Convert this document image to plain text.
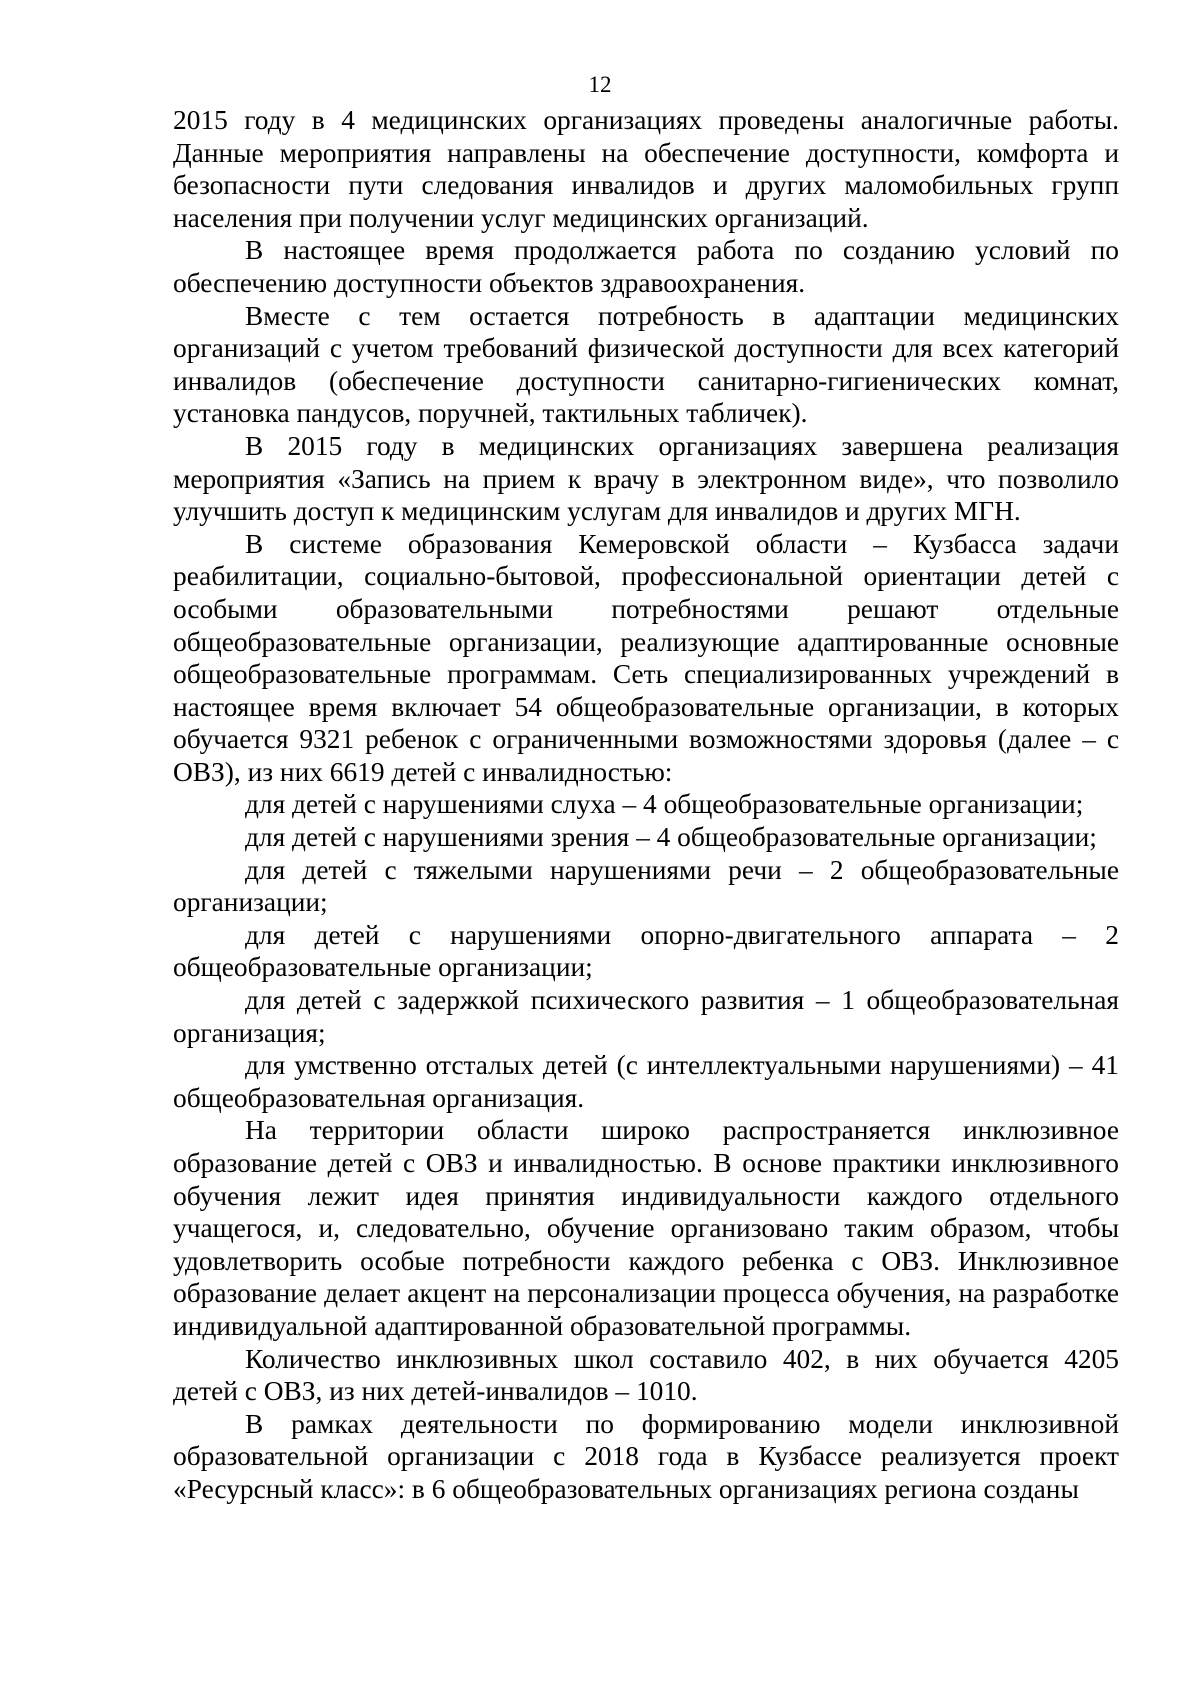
12

2015 году в 4 медицинских организациях проведены аналогичные работы. Данные мероприятия направлены на обеспечение доступности, комфорта и безопасности пути следования инвалидов и других маломобильных групп населения при получении услуг медицинских организаций.

В настоящее время продолжается работа по созданию условий по обеспечению доступности объектов здравоохранения.

Вместе с тем остается потребность в адаптации медицинских организаций с учетом требований физической доступности для всех категорий инвалидов (обеспечение доступности санитарно-гигиенических комнат, установка пандусов, поручней, тактильных табличек).

В 2015 году в медицинских организациях завершена реализация мероприятия «Запись на прием к врачу в электронном виде», что позволило улучшить доступ к медицинским услугам для инвалидов и других МГН.

В системе образования Кемеровской области – Кузбасса задачи реабилитации, социально-бытовой, профессиональной ориентации детей с особыми образовательными потребностями решают отдельные общеобразовательные организации, реализующие адаптированные основные общеобразовательные программам. Сеть специализированных учреждений в настоящее время включает 54 общеобразовательные организации, в которых обучается 9321 ребенок с ограниченными возможностями здоровья (далее – с ОВЗ), из них 6619 детей с инвалидностью:

для детей с нарушениями слуха – 4 общеобразовательные организации;

для детей с нарушениями зрения – 4 общеобразовательные организации;

для детей с тяжелыми нарушениями речи – 2 общеобразовательные организации;

для детей с нарушениями опорно-двигательного аппарата – 2 общеобразовательные организации;

для детей с задержкой психического развития – 1 общеобразовательная организация;

для умственно отсталых детей (с интеллектуальными нарушениями) – 41 общеобразовательная организация.

На территории области широко распространяется инклюзивное образование детей с ОВЗ и инвалидностью. В основе практики инклюзивного обучения лежит идея принятия индивидуальности каждого отдельного учащегося, и, следовательно, обучение организовано таким образом, чтобы удовлетворить особые потребности каждого ребенка с ОВЗ. Инклюзивное образование делает акцент на персонализации процесса обучения, на разработке индивидуальной адаптированной образовательной программы.

Количество инклюзивных школ составило 402, в них обучается 4205 детей с ОВЗ, из них детей-инвалидов – 1010.

В рамках деятельности по формированию модели инклюзивной образовательной организации с 2018 года в Кузбассе реализуется проект «Ресурсный класс»: в 6 общеобразовательных организациях региона созданы
